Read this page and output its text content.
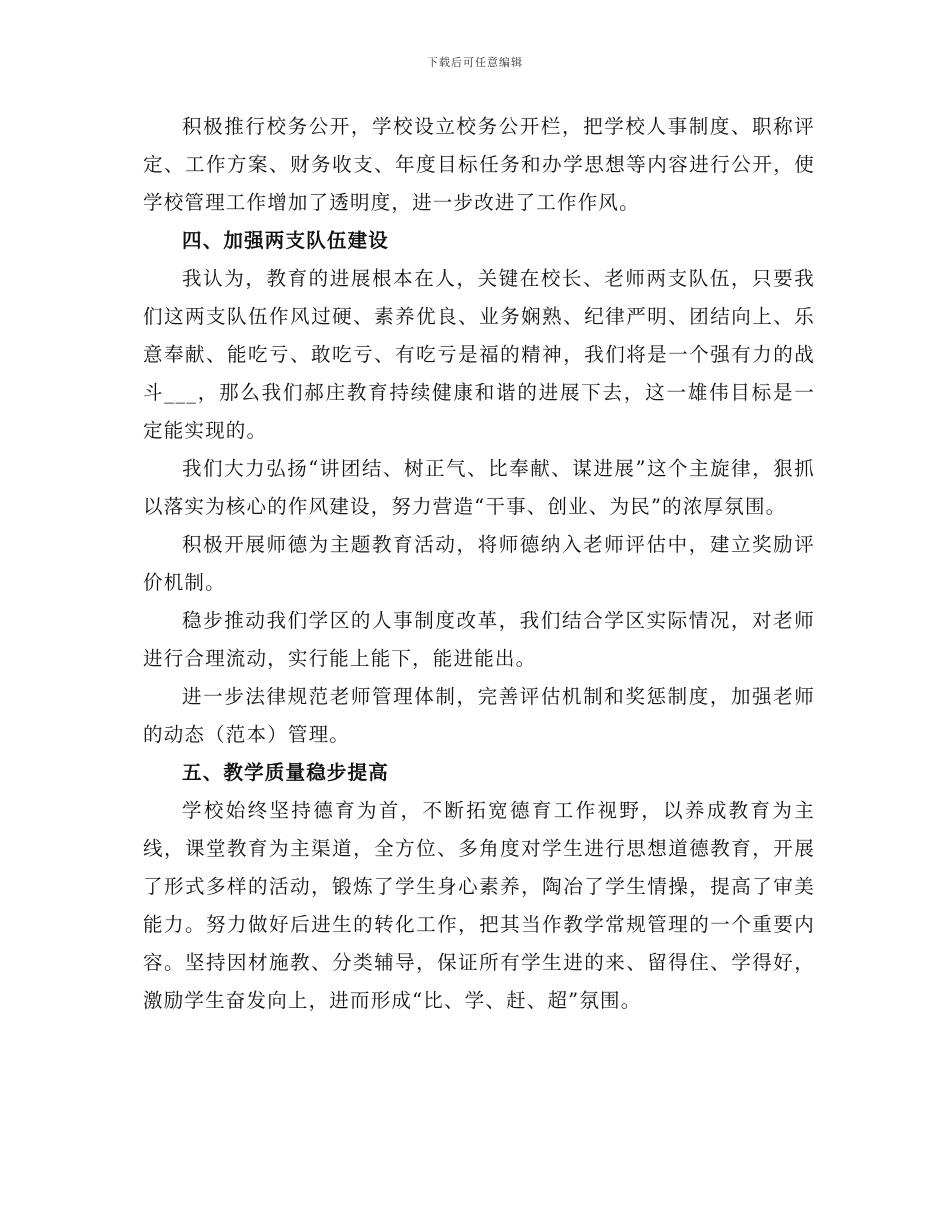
下载后可任意编辑

积极推行校务公开，学校设立校务公开栏，把学校人事制度、职称评定、工作方案、财务收支、年度目标任务和办学思想等内容进行公开，使学校管理工作增加了透明度，进一步改进了工作作风。

四、加强两支队伍建设

我认为，教育的进展根本在人，关键在校长、老师两支队伍，只要我们这两支队伍作风过硬、素养优良、业务娴熟、纪律严明、团结向上、乐意奉献、能吃亏、敢吃亏、有吃亏是福的精神，我们将是一个强有力的战斗___，那么我们郝庄教育持续健康和谐的进展下去，这一雄伟目标是一定能实现的。

我们大力弘扬“讲团结、树正气、比奉献、谋进展”这个主旋律，狠抓以落实为核心的作风建设，努力营造“干事、创业、为民”的浓厚氛围。

积极开展师德为主题教育活动，将师德纳入老师评估中，建立奖励评价机制。

稳步推动我们学区的人事制度改革，我们结合学区实际情况，对老师进行合理流动，实行能上能下，能进能出。

进一步法律规范老师管理体制，完善评估机制和奖惩制度，加强老师的动态（范本）管理。

五、教学质量稳步提高

学校始终坚持德育为首，不断拓宽德育工作视野，以养成教育为主线，课堂教育为主渠道，全方位、多角度对学生进行思想道德教育，开展了形式多样的活动，锻炼了学生身心素养，陶冶了学生情操，提高了审美能力。努力做好后进生的转化工作，把其当作教学常规管理的一个重要内容。坚持因材施教、分类辅导，保证所有学生进的来、留得住、学得好，激励学生奋发向上，进而形成“比、学、赶、超”氛围。
